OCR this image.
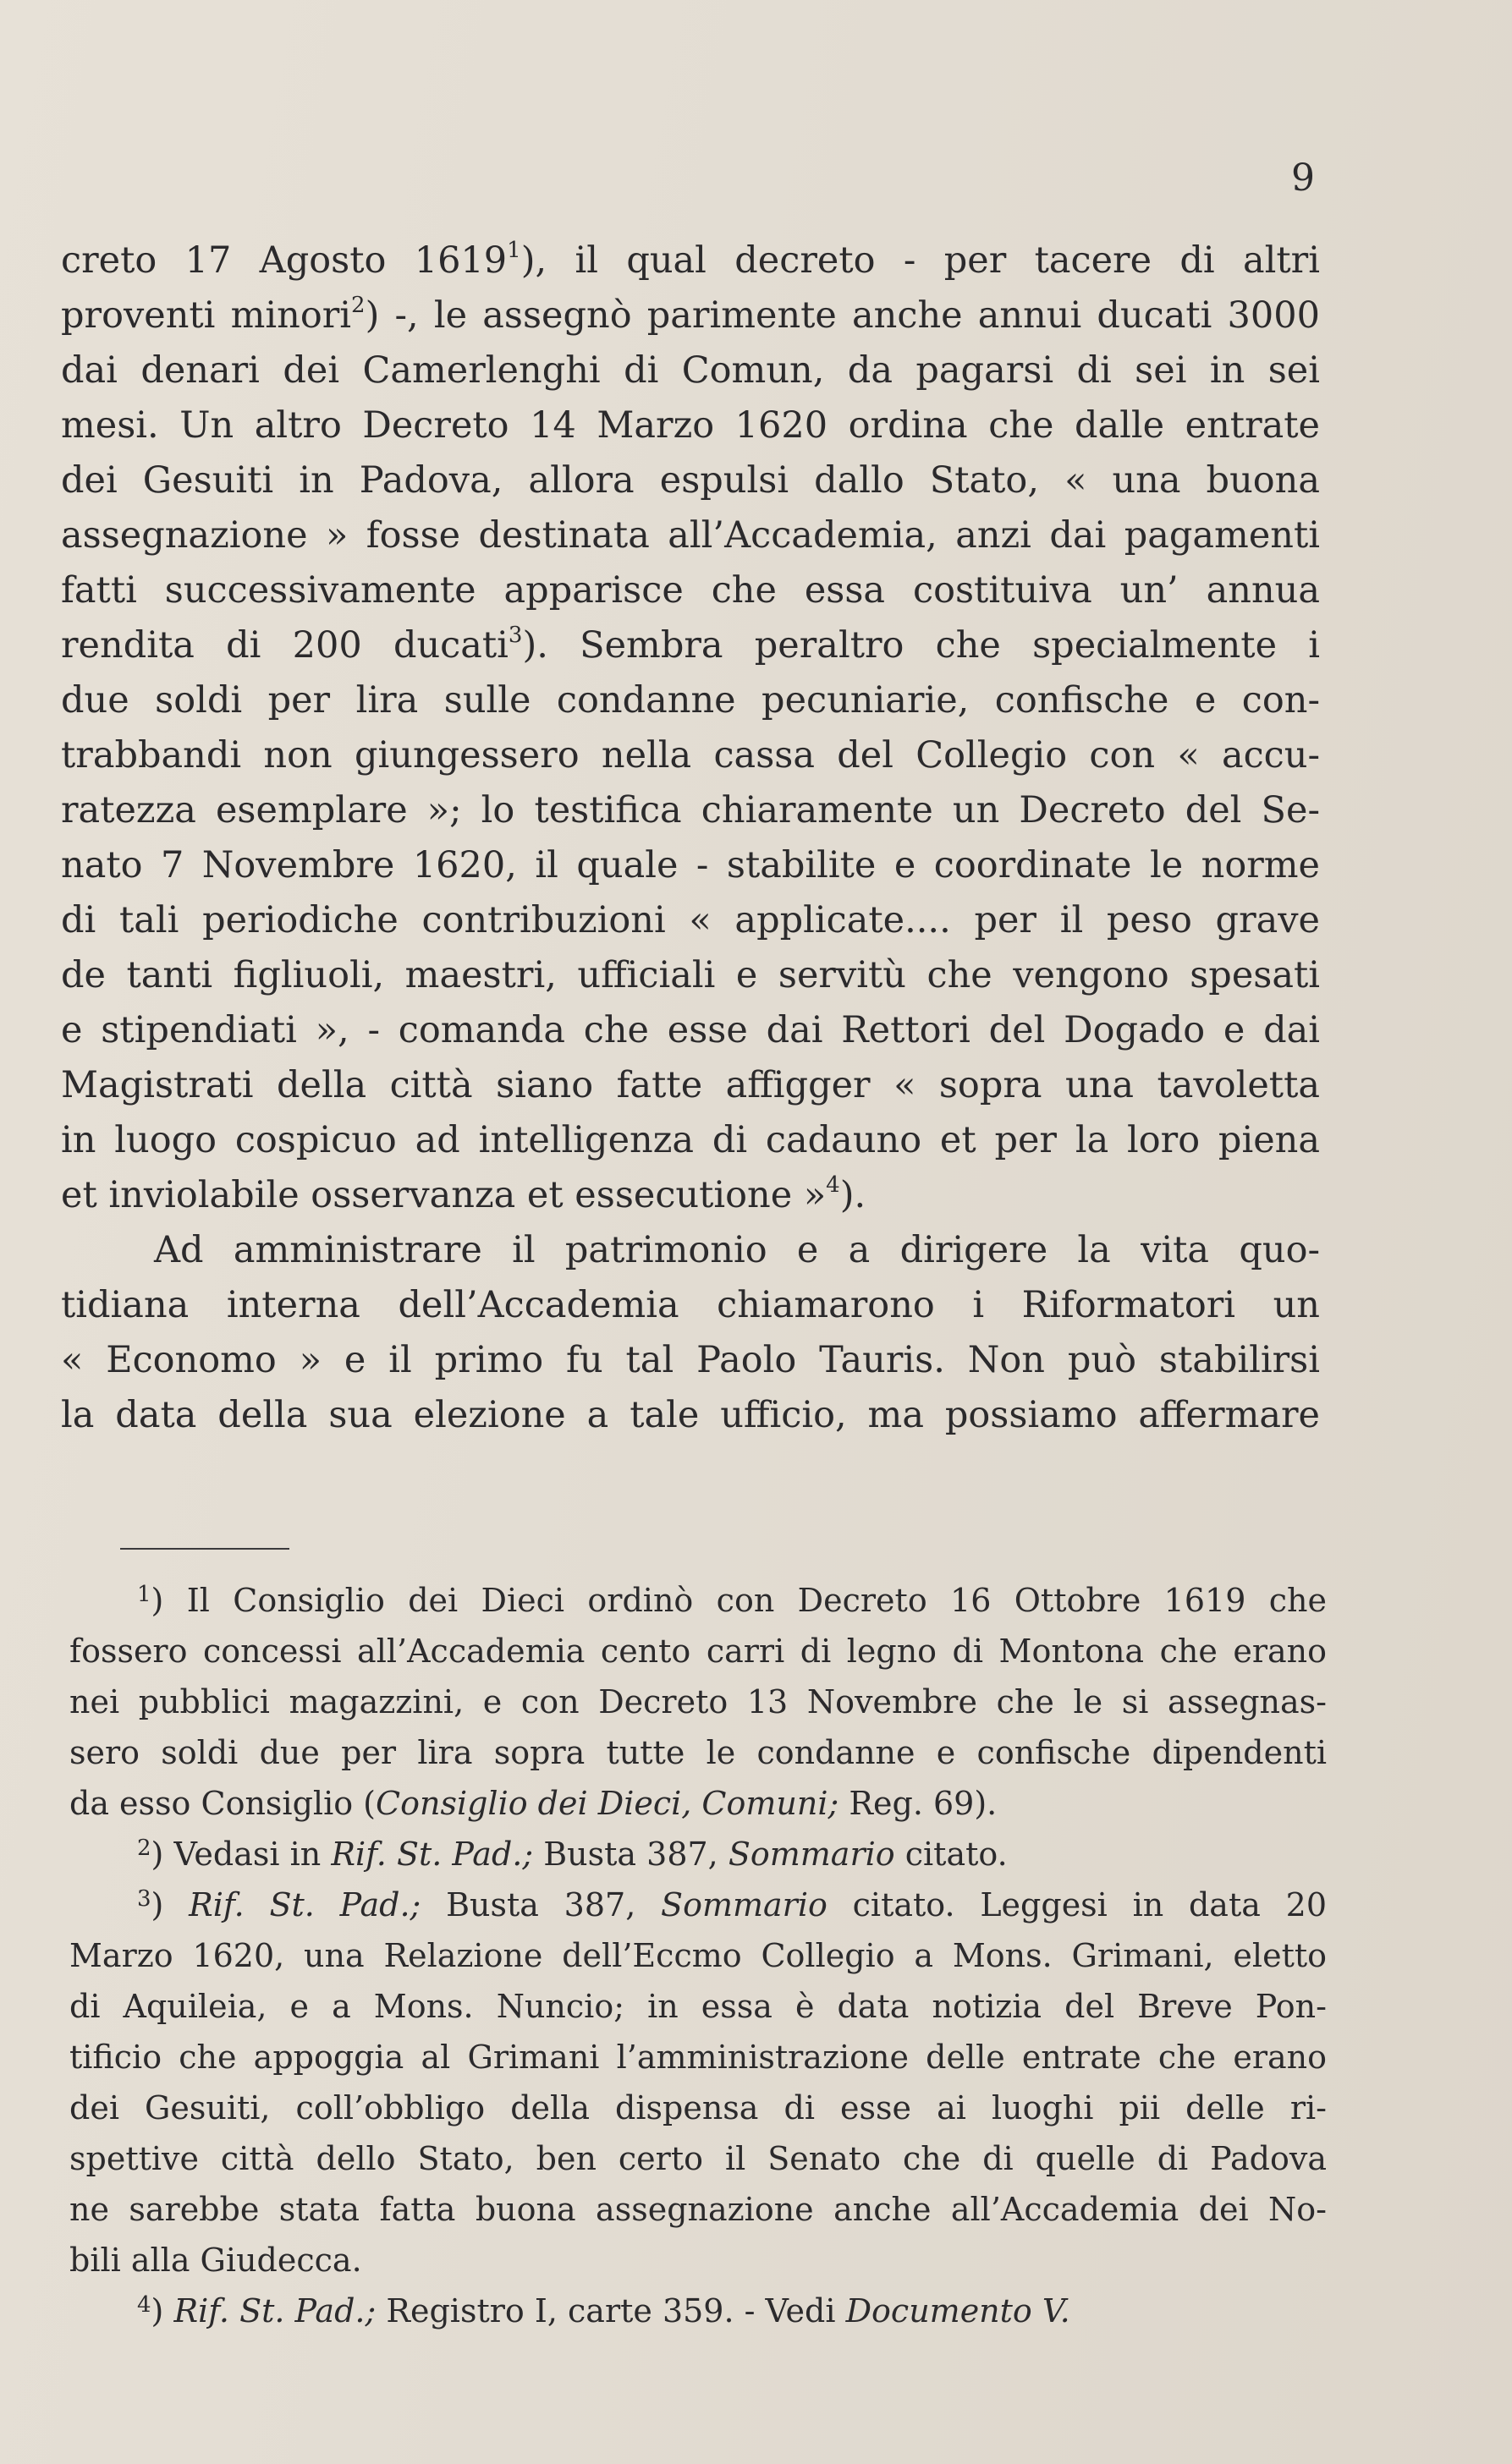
9
creto 17 Agosto 1619$^1$), il qual decreto - per tacere di altri
proventi minori$^2$) -, le assegnò parimente anche annui ducati 3000
dai denari dei Camerlenghi di Comun, da pagarsi di sei in sei
mesi. Un altro Decreto 14 Marzo 1620 ordina che dalle entrate
dei Gesuiti in Padova, allora espulsi dallo Stato, « una buona
assegnazione » fosse destinata all’Accademia, anzi dai pagamenti
fatti successivamente apparisce che essa costituiva un’ annua
rendita di 200 ducati$^3$). Sembra peraltro che specialmente i
due soldi per lira sulle condanne pecuniarie, confische e con-
trabbandi non giungessero nella cassa del Collegio con « accu-
ratezza esemplare »; lo testifica chiaramente un Decreto del Se-
nato 7 Novembre 1620, il quale - stabilite e coordinate le norme
di tali periodiche contribuzioni « applicate.... per il peso grave
de tanti figliuoli, maestri, ufficiali e servitù che vengono spesati
e stipendiati », - comanda che esse dai Rettori del Dogado e dai
Magistrati della città siano fatte affigger « sopra una tavoletta
in luogo cospicuo ad intelligenza di cadauno et per la loro piena
et inviolabile osservanza et essecutione »$^4$).
Ad amministrare il patrimonio e a dirigere la vita quo-
tidiana interna dell’Accademia chiamarono i Riformatori un
« Economo » e il primo fu tal Paolo Tauris. Non può stabilirsi
la data della sua elezione a tale ufficio, ma possiamo affermare
$^1$) Il Consiglio dei Dieci ordinò con Decreto 16 Ottobre 1619 che
fossero concessi all’Accademia cento carri di legno di Montona che erano
nei pubblici magazzini, e con Decreto 13 Novembre che le si assegnas-
sero soldi due per lira sopra tutte le condanne e confische dipendenti
da esso Consiglio (Consiglio dei Dieci, Comuni; Reg. 69).
$^2$) Vedasi in Rif. St. Pad.; Busta 387, Sommario citato.
$^3$) Rif. St. Pad.; Busta 387, Sommario citato. Leggesi in data 20
Marzo 1620, una Relazione dell’Eccmo Collegio a Mons. Grimani, eletto
di Aquileia, e a Mons. Nuncio; in essa è data notizia del Breve Pon-
tificio che appoggia al Grimani l’amministrazione delle entrate che erano
dei Gesuiti, coll’obbligo della dispensa di esse ai luoghi pii delle ri-
spettive città dello Stato, ben certo il Senato che di quelle di Padova
ne sarebbe stata fatta buona assegnazione anche all’Accademia dei No-
bili alla Giudecca.
$^4$) Rif. St. Pad.; Registro I, carte 359. - Vedi Documento V.
